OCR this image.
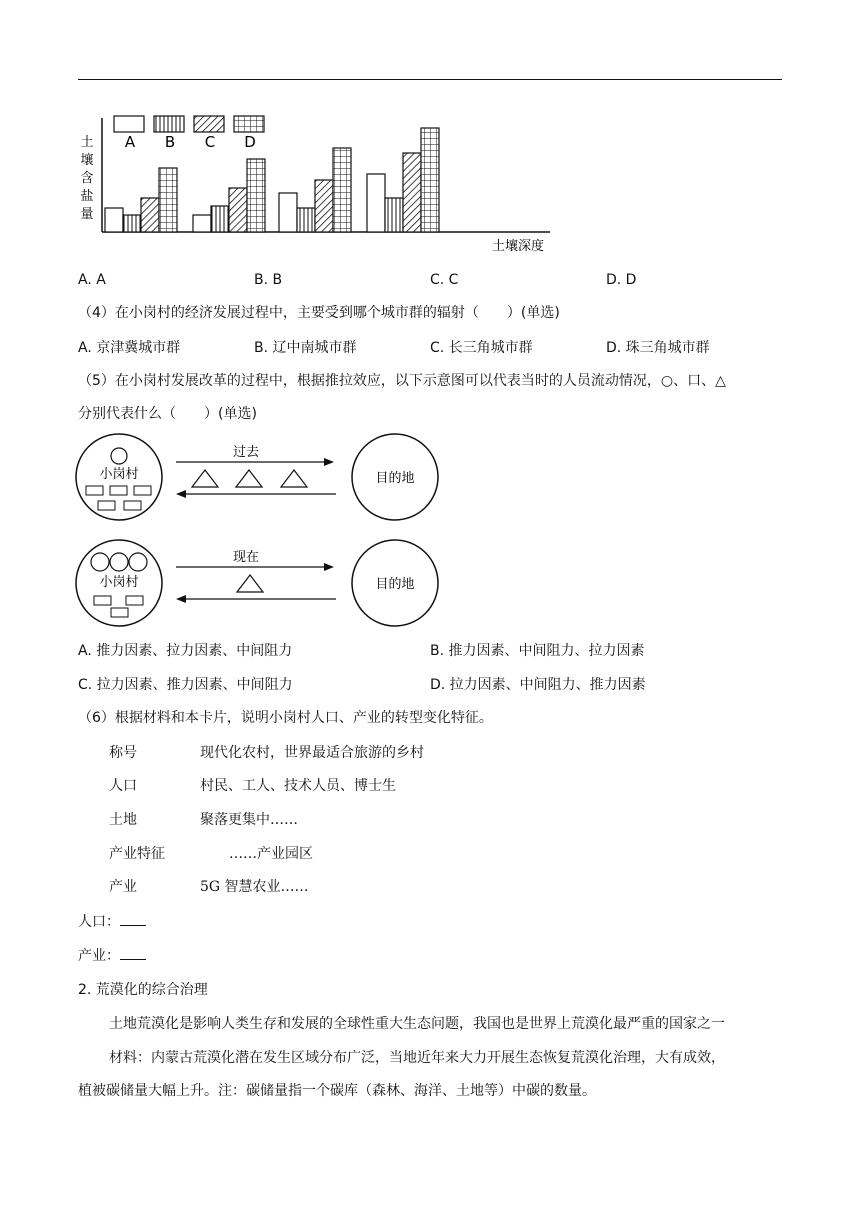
土
壤
含
盐
量
A B C D
土壤深度
A. A	B. B	C. C	D. D
（4）在小岗村的经济发展过程中，主要受到哪个城市群的辐射（　　）(单选)
A. 京津冀城市群	B. 辽中南城市群	C. 长三角城市群	D. 珠三角城市群
（5）在小岗村发展改革的过程中，根据推拉效应，以下示意图可以代表当时的人员流动情况，○、口、△
分别代表什么（　　）(单选)
小岗村
过去
目的地
小岗村
现在
目的地
A. 推力因素、拉力因素、中间阻力	B. 推力因素、中间阻力、拉力因素
C. 拉力因素、推力因素、中间阻力	D. 拉力因素、中间阻力、推力因素
（6）根据材料和本卡片，说明小岗村人口、产业的转型变化特征。
称号	现代化农村，世界最适合旅游的乡村
人口	村民、工人、技术人员、博士生
土地	聚落更集中……
产业特征	……产业园区
产业	5G 智慧农业……
人口：
产业：
2. 荒漠化的综合治理
土地荒漠化是影响人类生存和发展的全球性重大生态问题，我国也是世界上荒漠化最严重的国家之一
材料：内蒙古荒漠化潜在发生区域分布广泛，当地近年来大力开展生态恢复荒漠化治理，大有成效，
植被碳储量大幅上升。注：碳储量指一个碳库（森林、海洋、土地等）中碳的数量。
